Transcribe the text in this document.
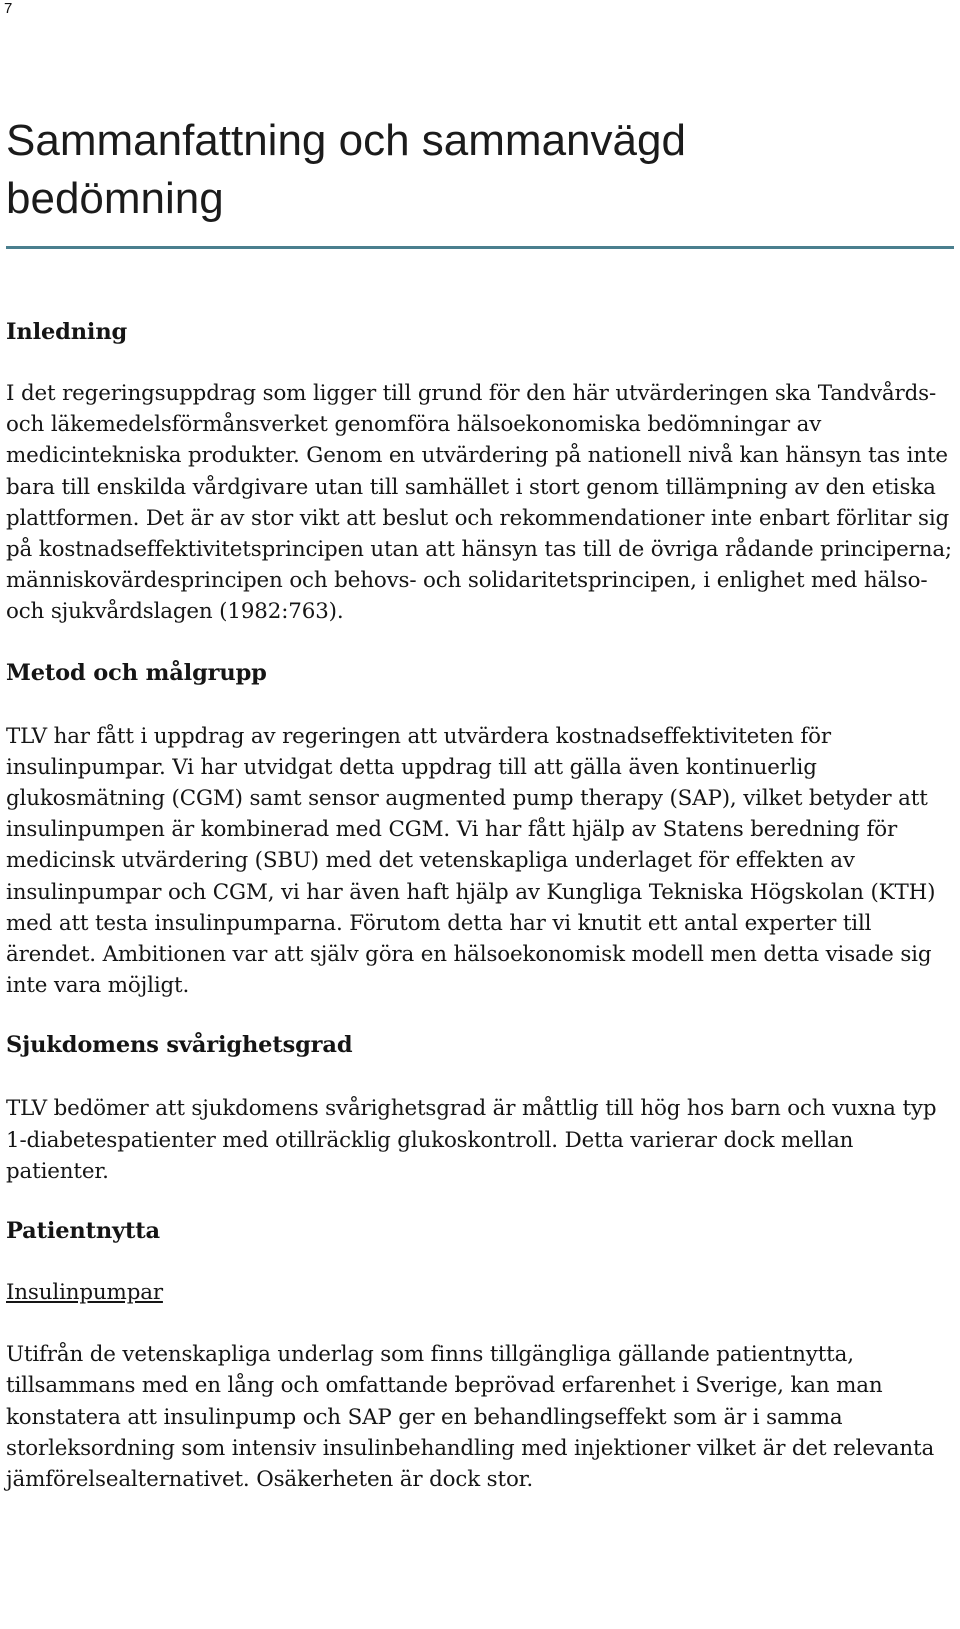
7
Sammanfattning och sammanvägd bedömning
Inledning

I det regeringsuppdrag som ligger till grund för den här utvärderingen ska Tandvårds- och läkemedelsförmånsverket genomföra hälsoekonomiska bedömningar av medicintekniska produkter. Genom en utvärdering på nationell nivå kan hänsyn tas inte bara till enskilda vårdgivare utan till samhället i stort genom tillämpning av den etiska plattformen. Det är av stor vikt att beslut och rekommendationer inte enbart förlitar sig på kostnadseffektivitetsprincipen utan att hänsyn tas till de övriga rådande principerna; människovärdesprincipen och behovs- och solidaritetsprincipen, i enlighet med hälso- och sjukvårdslagen (1982:763).

Metod och målgrupp

TLV har fått i uppdrag av regeringen att utvärdera kostnadseffektiviteten för insulinpumpar. Vi har utvidgat detta uppdrag till att gälla även kontinuerlig glukosmätning (CGM) samt sensor augmented pump therapy (SAP), vilket betyder att insulinpumpen är kombinerad med CGM. Vi har fått hjälp av Statens beredning för medicinsk utvärdering (SBU) med det vetenskapliga underlaget för effekten av insulinpumpar och CGM, vi har även haft hjälp av Kungliga Tekniska Högskolan (KTH) med att testa insulinpumparna. Förutom detta har vi knutit ett antal experter till ärendet. Ambitionen var att själv göra en hälsoekonomisk modell men detta visade sig inte vara möjligt.

Sjukdomens svårighetsgrad

TLV bedömer att sjukdomens svårighetsgrad är måttlig till hög hos barn och vuxna typ 1-diabetespatienter med otillräcklig glukoskontroll. Detta varierar dock mellan patienter.

Patientnytta

Insulinpumpar

Utifrån de vetenskapliga underlag som finns tillgängliga gällande patientnytta, tillsammans med en lång och omfattande beprövad erfarenhet i Sverige, kan man konstatera att insulinpump och SAP ger en behandlingseffekt som är i samma storleksordning som intensiv insulinbehandling med injektioner vilket är det relevanta jämförelsealternativet. Osäkerheten är dock stor.
